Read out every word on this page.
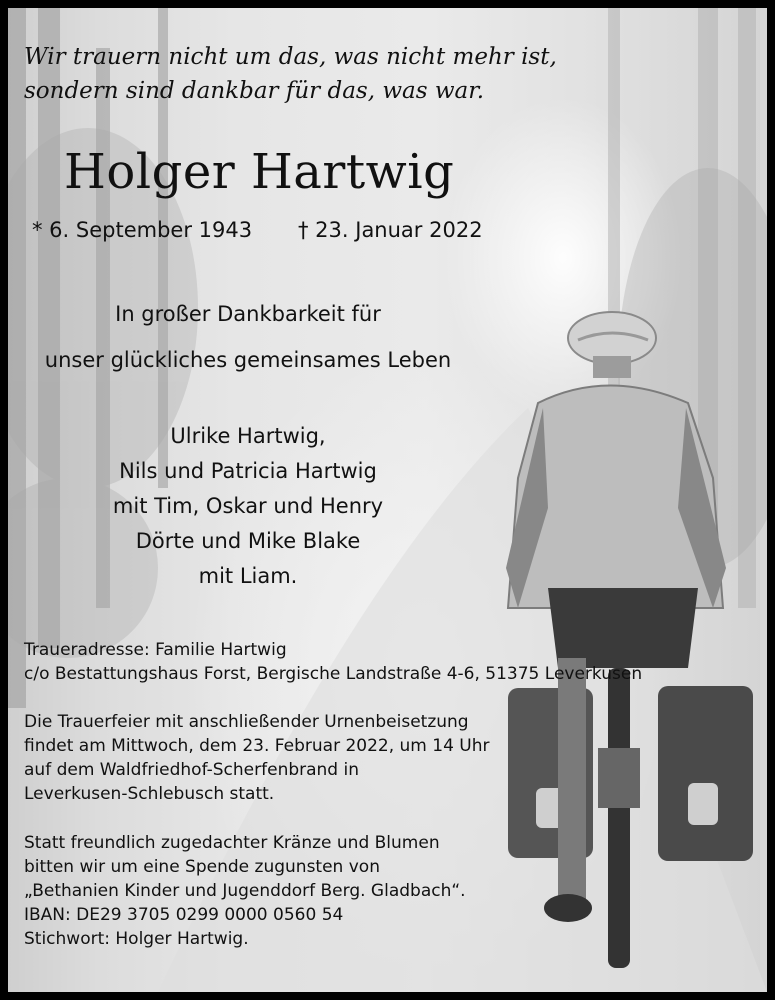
Wir trauern nicht um das, was nicht mehr ist,
sondern sind dankbar für das, was war.
Holger Hartwig
* 6. September 1943 † 23. Januar 2022
In großer Dankbarkeit für
unser glückliches gemeinsames Leben
Ulrike Hartwig,
Nils und Patricia Hartwig
mit Tim, Oskar und Henry
Dörte und Mike Blake
mit Liam.
Traueradresse: Familie Hartwig
c/o Bestattungshaus Forst, Bergische Landstraße 4-6, 51375 Leverkusen
Die Trauerfeier mit anschließender Urnenbeisetzung
findet am Mittwoch, dem 23. Februar 2022, um 14 Uhr
auf dem Waldfriedhof-Scherfenbrand in
Leverkusen-Schlebusch statt.
Statt freundlich zugedachter Kränze und Blumen
bitten wir um eine Spende zugunsten von
„Bethanien Kinder und Jugenddorf Berg. Gladbach“.
IBAN: DE29 3705 0299 0000 0560 54
Stichwort: Holger Hartwig.
